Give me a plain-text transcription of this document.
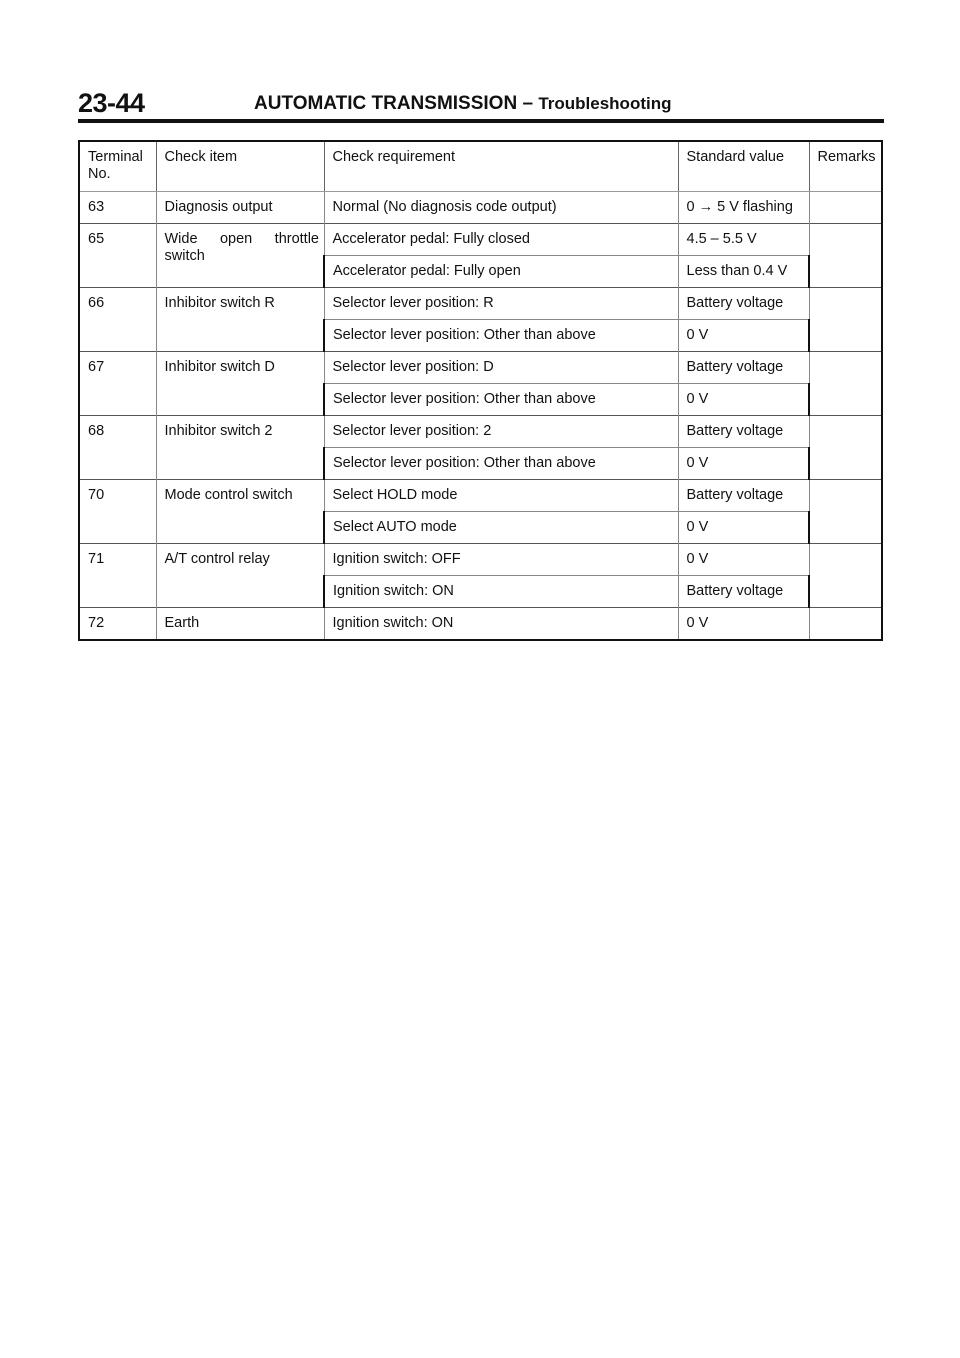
23-44	AUTOMATIC TRANSMISSION – Troubleshooting
Terminal No.	Check item	Check requirement	Standard value	Remarks
63	Diagnosis output	Normal (No diagnosis code output)	0 → 5 V flashing	
65	Wide open throttle switch	Accelerator pedal: Fully closed	4.5 – 5.5 V	
		Accelerator pedal: Fully open	Less than 0.4 V	
66	Inhibitor switch R	Selector lever position: R	Battery voltage	
		Selector lever position: Other than above	0 V	
67	Inhibitor switch D	Selector lever position: D	Battery voltage	
		Selector lever position: Other than above	0 V	
68	Inhibitor switch 2	Selector lever position: 2	Battery voltage	
		Selector lever position: Other than above	0 V	
70	Mode control switch	Select HOLD mode	Battery voltage	
		Select AUTO mode	0 V	
71	A/T control relay	Ignition switch: OFF	0 V	
		Ignition switch: ON	Battery voltage	
72	Earth	Ignition switch: ON	0 V	
